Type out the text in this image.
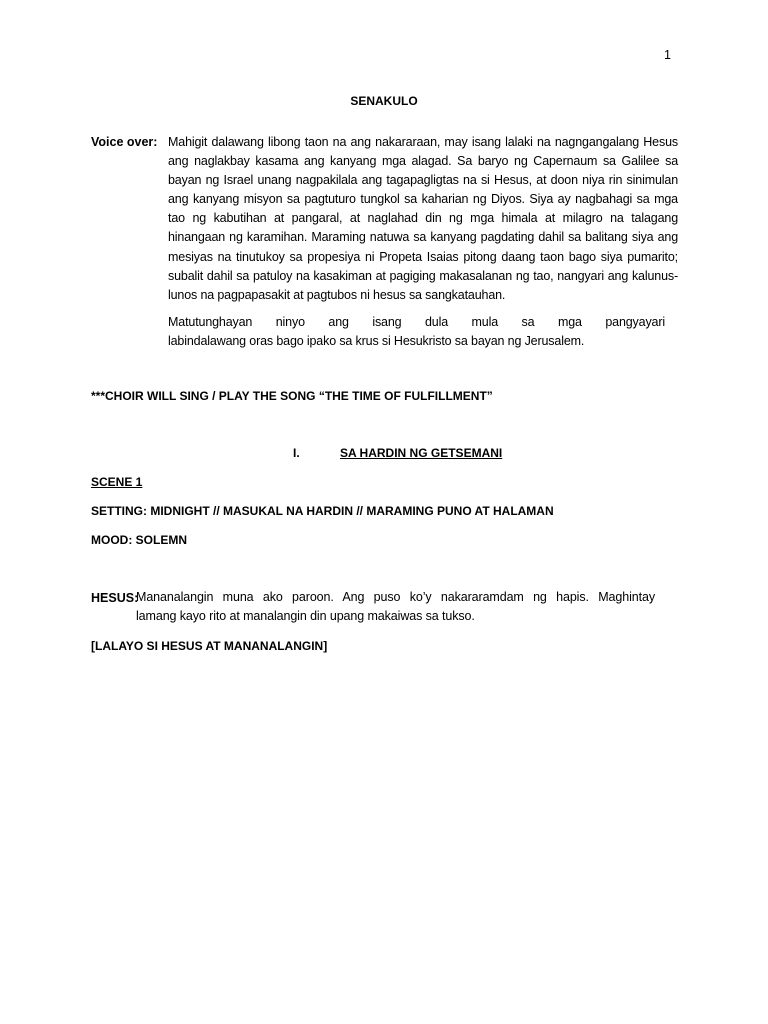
1
SENAKULO
Voice over: Mahigit dalawang libong taon na ang nakararaan, may isang lalaki na nagngangalang Hesus ang naglakbay kasama ang kanyang mga alagad. Sa baryo ng Capernaum sa Galilee sa bayan ng Israel unang nagpakilala ang tagapagligtas na si Hesus, at doon niya rin sinimulan ang kanyang misyon sa pagtuturo tungkol sa kaharian ng Diyos. Siya ay nagbahagi sa mga tao ng kabutihan at pangaral, at naglahad din ng mga himala at milagro na talagang hinangaan ng karamihan. Maraming natuwa sa kanyang pagdating dahil sa balitang siya ang mesiyas na tinutukoy sa propesiya ni Propeta Isaias pitong daang taon bago siya pumarito; subalit dahil sa patuloy na kasakiman at pagiging makasalanan ng tao, nangyari ang kalunus-lunos na pagpapasakit at pagtubos ni hesus sa sangkatauhan.
Matutunghayan ninyo ang isang dula mula sa mga pangyayari
labindalawang oras bago ipako sa krus si Hesukristo sa bayan ng Jerusalem.
***CHOIR WILL SING / PLAY THE SONG “THE TIME OF FULFILLMENT”
I.	SA HARDIN NG GETSEMANI
SCENE 1
SETTING: MIDNIGHT // MASUKAL NA HARDIN // MARAMING PUNO AT HALAMAN
MOOD: SOLEMN
HESUS:
Mananalangin muna ako paroon. Ang puso ko’y nakararamdam ng hapis. Maghintay
lamang kayo rito at manalangin din upang makaiwas sa tukso.
[LALAYO SI HESUS AT MANANALANGIN]
